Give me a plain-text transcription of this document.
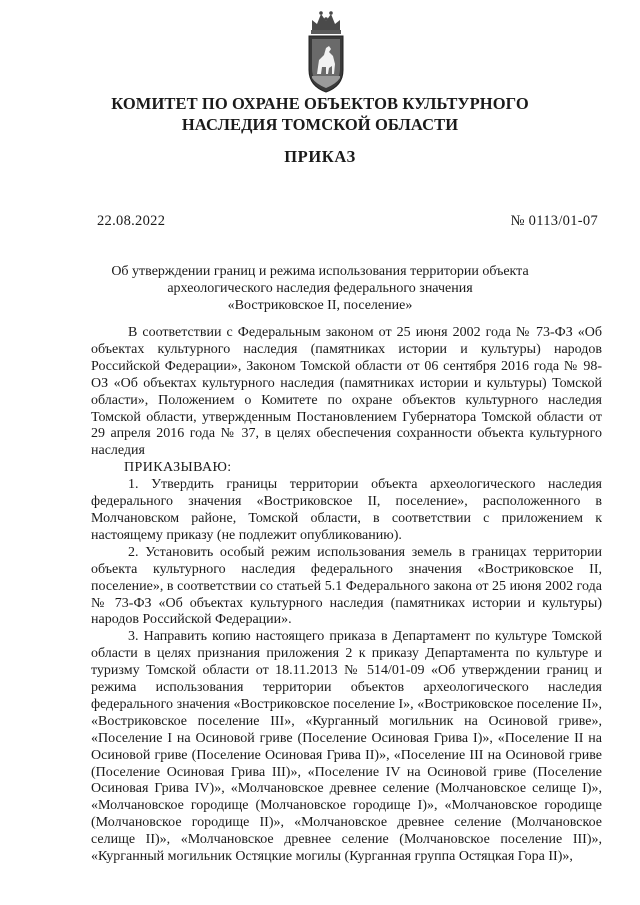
КОМИТЕТ ПО ОХРАНЕ ОБЪЕКТОВ КУЛЬТУРНОГО
НАСЛЕДИЯ ТОМСКОЙ ОБЛАСТИ
ПРИКАЗ
22.08.2022	№ 0113/01-07
Об утверждении границ и режима использования территории объекта
археологического наследия федерального значения
«Востриковское II, поселение»

В соответствии с Федеральным законом от 25 июня 2002 года № 73-ФЗ «Об объектах культурного наследия (памятниках истории и культуры) народов Российской Федерации», Законом Томской области от 06 сентября 2016 года № 98-ОЗ «Об объектах культурного наследия (памятниках истории и культуры) Томской области», Положением о Комитете по охране объектов культурного наследия Томской области, утвержденным Постановлением Губернатора Томской области от 29 апреля 2016 года № 37, в целях обеспечения сохранности объекта культурного наследия

ПРИКАЗЫВАЮ:

1. Утвердить границы территории объекта археологического наследия федерального значения «Востриковское II, поселение», расположенного в Молчановском районе, Томской области, в соответствии с приложением к настоящему приказу (не подлежит опубликованию).

2. Установить особый режим использования земель в границах территории объекта культурного наследия федерального значения «Востриковское II, поселение», в соответствии со статьей 5.1 Федерального закона от 25 июня 2002 года № 73-ФЗ «Об объектах культурного наследия (памятниках истории и культуры) народов Российской Федерации».

3. Направить копию настоящего приказа в Департамент по культуре Томской области в целях признания приложения 2 к приказу Департамента по культуре и туризму Томской области от 18.11.2013 № 514/01-09 «Об утверждении границ и режима использования территории объектов археологического наследия федерального значения «Востриковское поселение I», «Востриковское поселение II», «Востриковское поселение III», «Курганный могильник на Осиновой гриве», «Поселение I на Осиновой гриве (Поселение Осиновая Грива I)», «Поселение II на Осиновой гриве (Поселение Осиновая Грива II)», «Поселение III на Осиновой гриве (Поселение Осиновая Грива III)», «Поселение IV на Осиновой гриве (Поселение Осиновая Грива IV)», «Молчановское древнее селение (Молчановское селище I)», «Молчановское городище (Молчановское городище I)», «Молчановское городище (Молчановское городище II)», «Молчановское древнее селение (Молчановское селище II)», «Молчановское древнее селение (Молчановское поселение III)», «Курганный могильник Остяцкие могилы (Курганная группа Остяцкая Гора II)»,
